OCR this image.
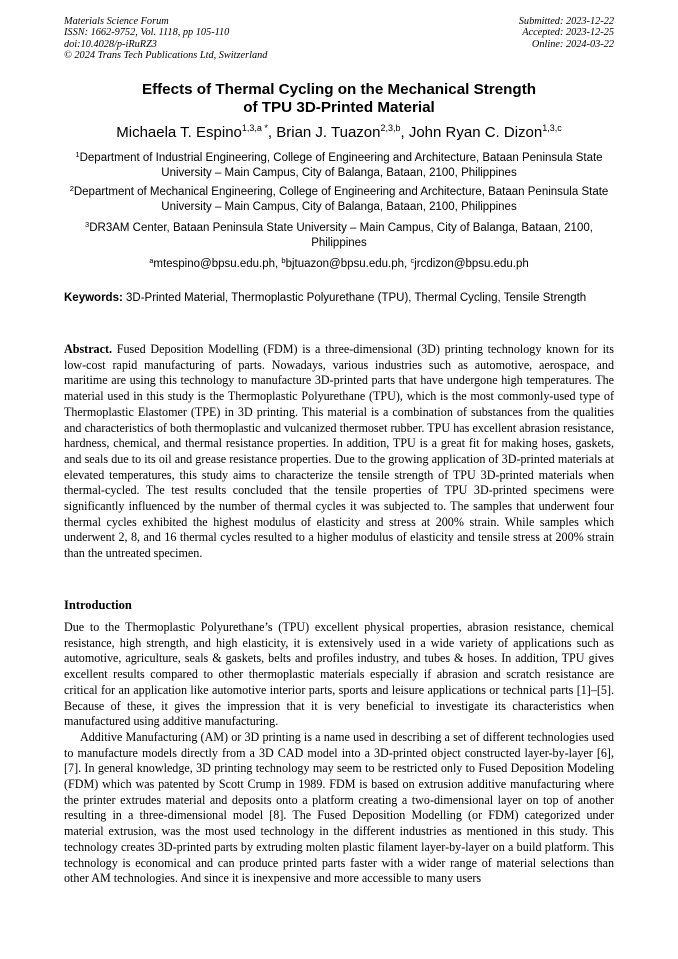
Materials Science Forum
ISSN: 1662-9752, Vol. 1118, pp 105-110
doi:10.4028/p-iRuRZ3
© 2024 Trans Tech Publications Ltd, Switzerland
Submitted: 2023-12-22
Accepted: 2023-12-25
Online: 2024-03-22
Effects of Thermal Cycling on the Mechanical Strength
of TPU 3D-Printed Material
Michaela T. Espino$^{1,3,a *}$, Brian J. Tuazon$^{2,3,b}$, John Ryan C. Dizon$^{1,3,c}$
$^1$Department of Industrial Engineering, College of Engineering and Architecture, Bataan Peninsula State University – Main Campus, City of Balanga, Bataan, 2100, Philippines
$^2$Department of Mechanical Engineering, College of Engineering and Architecture, Bataan Peninsula State University – Main Campus, City of Balanga, Bataan, 2100, Philippines
$^3$DR3AM Center, Bataan Peninsula State University – Main Campus, City of Balanga, Bataan, 2100, Philippines
$^a$mtespino@bpsu.edu.ph, $^b$bjtuazon@bpsu.edu.ph, $^c$jrcdizon@bpsu.edu.ph
Keywords: 3D-Printed Material, Thermoplastic Polyurethane (TPU), Thermal Cycling, Tensile Strength
Abstract. Fused Deposition Modelling (FDM) is a three-dimensional (3D) printing technology known for its low-cost rapid manufacturing of parts. Nowadays, various industries such as automotive, aerospace, and maritime are using this technology to manufacture 3D-printed parts that have undergone high temperatures. The material used in this study is the Thermoplastic Polyurethane (TPU), which is the most commonly-used type of Thermoplastic Elastomer (TPE) in 3D printing. This material is a combination of substances from the qualities and characteristics of both thermoplastic and vulcanized thermoset rubber. TPU has excellent abrasion resistance, hardness, chemical, and thermal resistance properties. In addition, TPU is a great fit for making hoses, gaskets, and seals due to its oil and grease resistance properties. Due to the growing application of 3D-printed materials at elevated temperatures, this study aims to characterize the tensile strength of TPU 3D-printed materials when thermal-cycled. The test results concluded that the tensile properties of TPU 3D-printed specimens were significantly influenced by the number of thermal cycles it was subjected to. The samples that underwent four thermal cycles exhibited the highest modulus of elasticity and stress at 200% strain. While samples which underwent 2, 8, and 16 thermal cycles resulted to a higher modulus of elasticity and tensile stress at 200% strain than the untreated specimen.
Introduction

Due to the Thermoplastic Polyurethane’s (TPU) excellent physical properties, abrasion resistance, chemical resistance, high strength, and high elasticity, it is extensively used in a wide variety of applications such as automotive, agriculture, seals & gaskets, belts and profiles industry, and tubes & hoses. In addition, TPU gives excellent results compared to other thermoplastic materials especially if abrasion and scratch resistance are critical for an application like automotive interior parts, sports and leisure applications or technical parts [1]–[5]. Because of these, it gives the impression that it is very beneficial to investigate its characteristics when manufactured using additive manufacturing.

Additive Manufacturing (AM) or 3D printing is a name used in describing a set of different technologies used to manufacture models directly from a 3D CAD model into a 3D-printed object constructed layer-by-layer [6], [7]. In general knowledge, 3D printing technology may seem to be restricted only to Fused Deposition Modeling (FDM) which was patented by Scott Crump in 1989. FDM is based on extrusion additive manufacturing where the printer extrudes material and deposits onto a platform creating a two-dimensional layer on top of another resulting in a three-dimensional model [8]. The Fused Deposition Modelling (or FDM) categorized under material extrusion, was the most used technology in the different industries as mentioned in this study. This technology creates 3D-printed parts by extruding molten plastic filament layer-by-layer on a build platform. This technology is economical and can produce printed parts faster with a wider range of material selections than other AM technologies. And since it is inexpensive and more accessible to many users
